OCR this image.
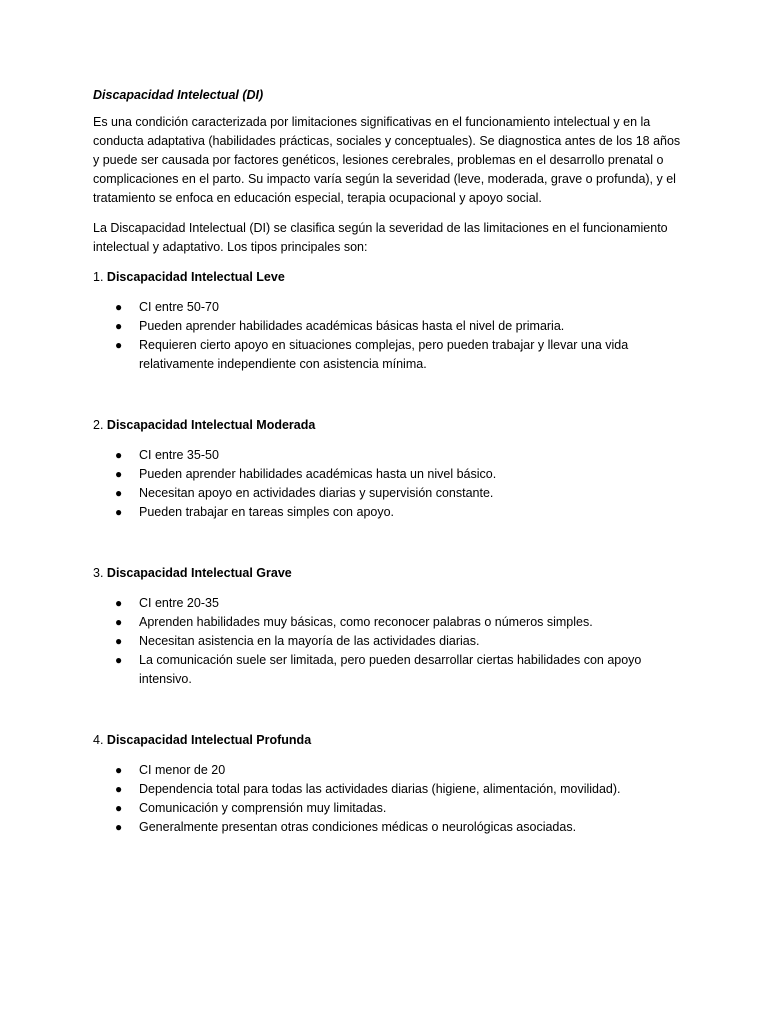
Discapacidad Intelectual (DI)

Es una condición caracterizada por limitaciones significativas en el funcionamiento intelectual y en la conducta adaptativa (habilidades prácticas, sociales y conceptuales). Se diagnostica antes de los 18 años y puede ser causada por factores genéticos, lesiones cerebrales, problemas en el desarrollo prenatal o complicaciones en el parto. Su impacto varía según la severidad (leve, moderada, grave o profunda), y el tratamiento se enfoca en educación especial, terapia ocupacional y apoyo social.

La Discapacidad Intelectual (DI) se clasifica según la severidad de las limitaciones en el funcionamiento intelectual y adaptativo. Los tipos principales son:

1. Discapacidad Intelectual Leve
● CI entre 50-70
● Pueden aprender habilidades académicas básicas hasta el nivel de primaria.
● Requieren cierto apoyo en situaciones complejas, pero pueden trabajar y llevar una vida relativamente independiente con asistencia mínima.
2. Discapacidad Intelectual Moderada
● CI entre 35-50
● Pueden aprender habilidades académicas hasta un nivel básico.
● Necesitan apoyo en actividades diarias y supervisión constante.
● Pueden trabajar en tareas simples con apoyo.
3. Discapacidad Intelectual Grave
● CI entre 20-35
● Aprenden habilidades muy básicas, como reconocer palabras o números simples.
● Necesitan asistencia en la mayoría de las actividades diarias.
● La comunicación suele ser limitada, pero pueden desarrollar ciertas habilidades con apoyo intensivo.
4. Discapacidad Intelectual Profunda
● CI menor de 20
● Dependencia total para todas las actividades diarias (higiene, alimentación, movilidad).
● Comunicación y comprensión muy limitadas.
● Generalmente presentan otras condiciones médicas o neurológicas asociadas.
